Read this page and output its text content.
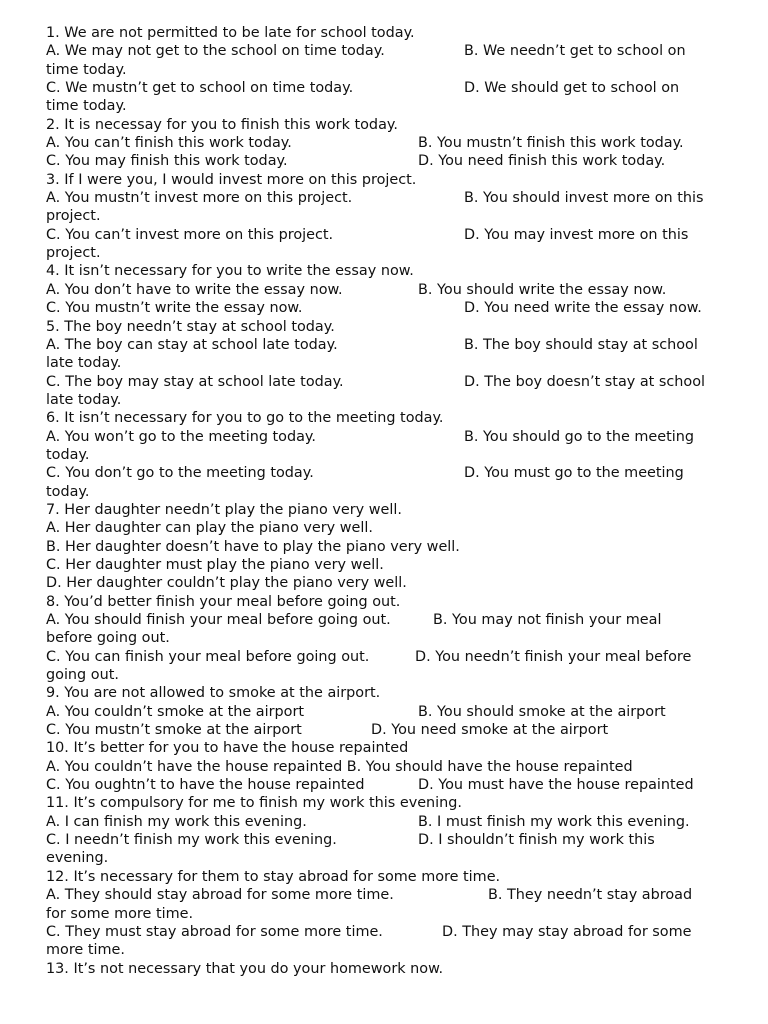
1. We are not permitted to be late for school today.
A. We may not get to the school on time today.	B. We needn’t get to school on
time today.
C. We mustn’t get to school on time today.	D. We should get to school on
time today.
2. It is necessay for you to finish this work today.
A. You can’t finish this work today.	B. You mustn’t finish this work today.
C. You may finish this work today.	D. You need finish this work today.
3. If I were you, I would invest more on this project.
A. You mustn’t invest more on this project.	B. You should invest more on this
project.
C. You can’t invest more on this project.	D. You may invest more on this
project.
4. It isn’t necessary for you to write the essay now.
A. You don’t have to write the essay now.	B. You should write the essay now.
C. You mustn’t write the essay now.	D. You need write the essay now.
5. The boy needn’t stay at school today.
A. The boy can stay at school late today.	B. The boy should stay at school
late today.
C. The boy may stay at school late today.	D. The boy doesn’t stay at school
late today.
6. It isn’t necessary for you to go to the meeting today.
A. You won’t go to the meeting today.	B. You should go to the meeting
today.
C. You don’t go to the meeting today.	D. You must go to the meeting
today.
7. Her daughter needn’t play the piano very well.
A. Her daughter can play the piano very well.
B. Her daughter doesn’t have to play the piano very well.
C. Her daughter must play the piano very well.
D. Her daughter couldn’t play the piano very well.
8. You’d better finish your meal before going out.
A. You should finish your meal before going out.	B. You may not finish your meal
before going out.
C. You can finish your meal before going out.	D. You needn’t finish your meal before
going out.
9. You are not allowed to smoke at the airport.
A. You couldn’t smoke at the airport	B. You should smoke at the airport
C. You mustn’t smoke at the airport	D. You need smoke at the airport
10. It’s better for you to have the house repainted
A. You couldn’t have the house repainted B. You should have the house repainted
C. You oughtn’t to have the house repainted	D. You must have the house repainted
11. It’s compulsory for me to finish my work this evening.
A. I can finish my work this evening.	B. I must finish my work this evening.
C. I needn’t finish my work this evening.	D. I shouldn’t finish my work this
evening.
12. It’s necessary for them to stay abroad for some more time.
A. They should stay abroad for some more time.	B. They needn’t stay abroad
for some more time.
C. They must stay abroad for some more time.	D. They may stay abroad for some
more time.
13. It’s not necessary that you do your homework now.
